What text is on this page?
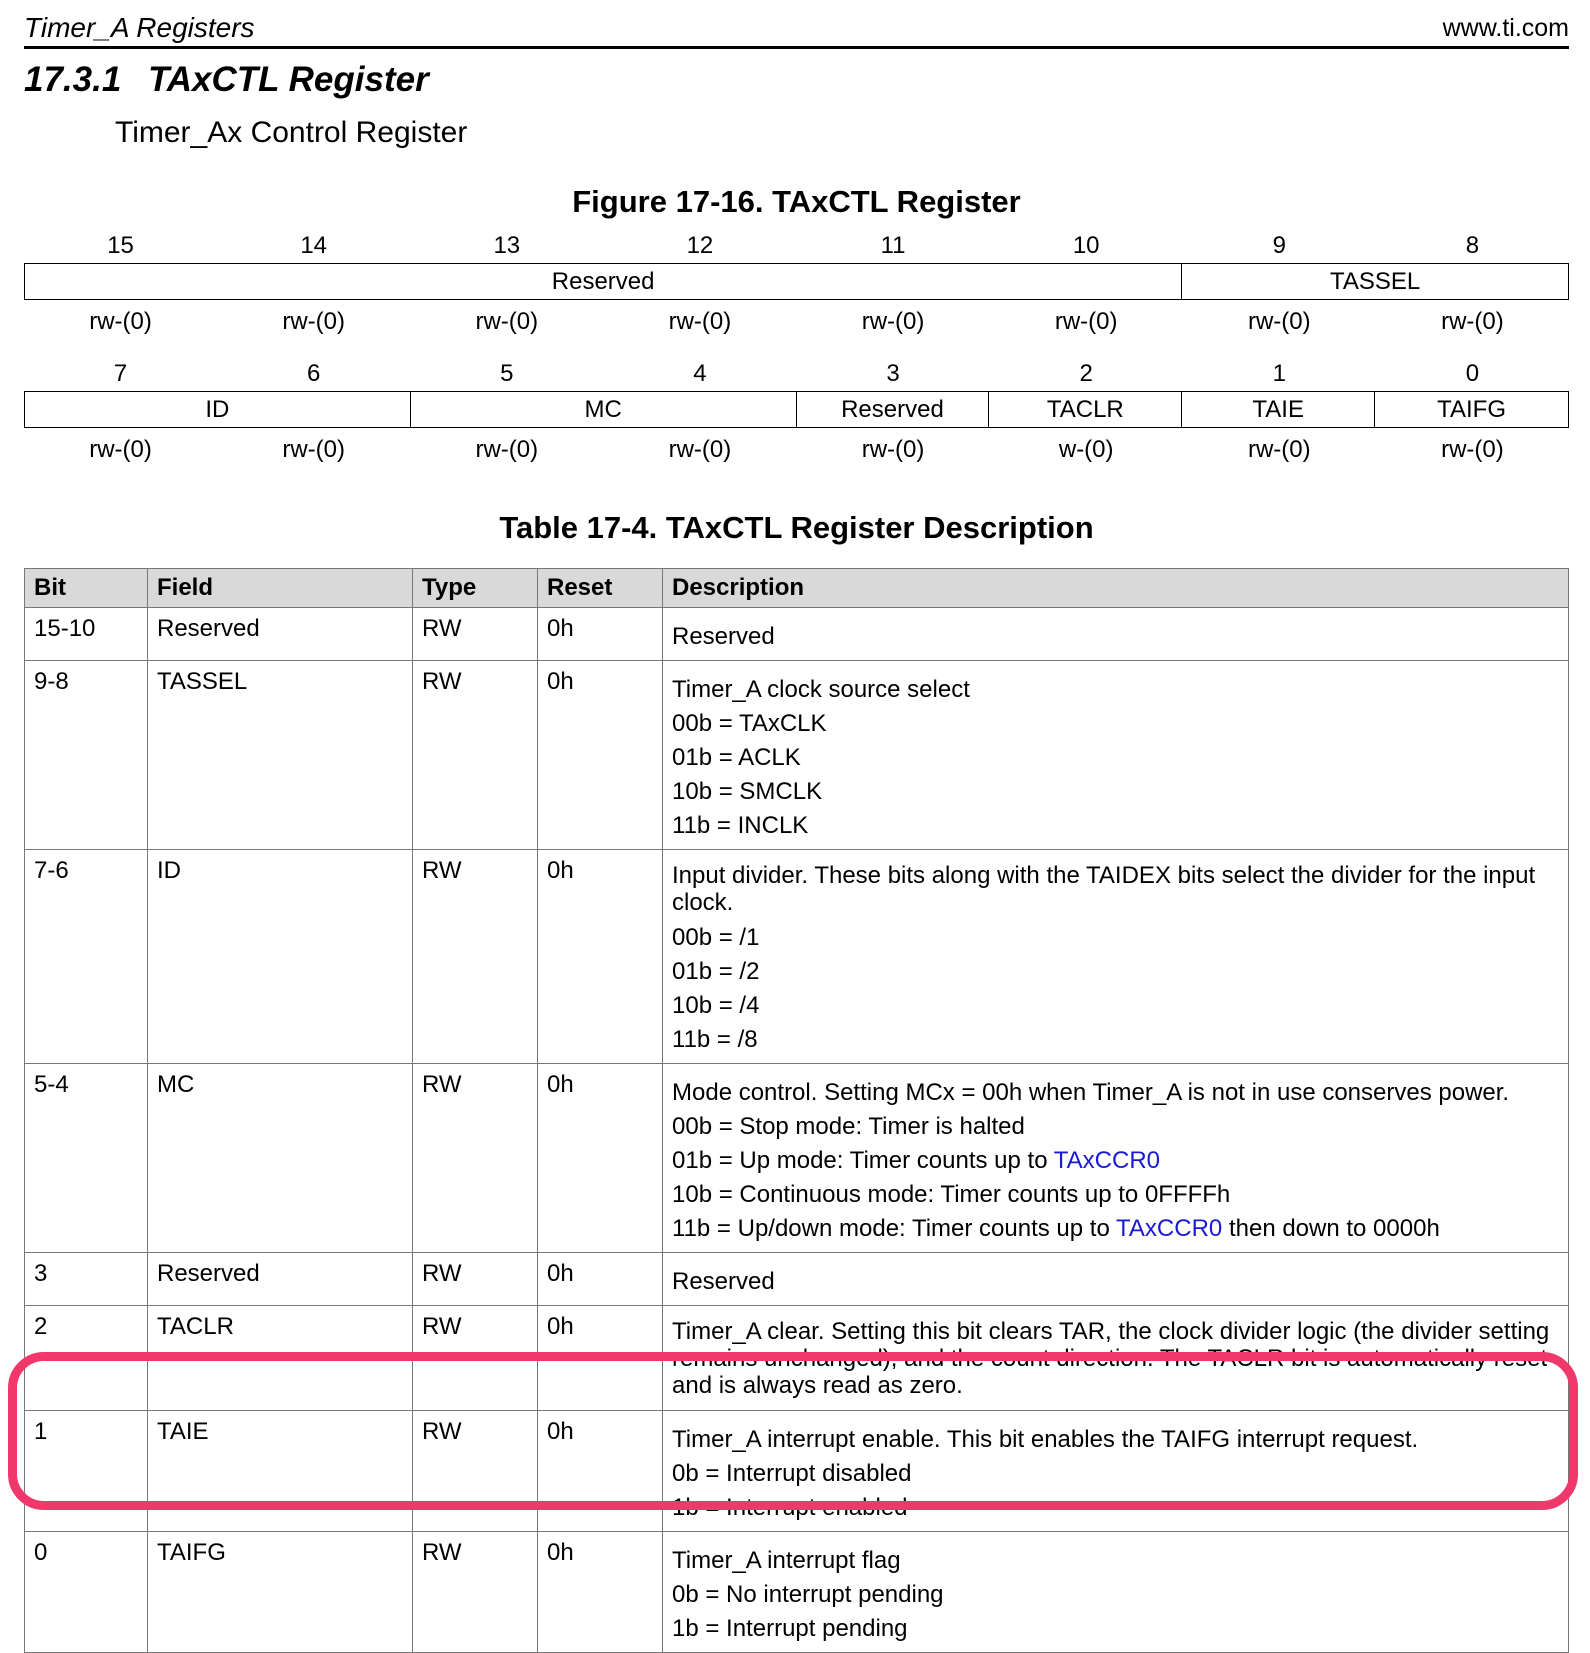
Timer_A Registers	www.ti.com
17.3.1 TAxCTL Register
Timer_Ax Control Register
Figure 17-16. TAxCTL Register
15	14	13	12	11	10	9	8
Reserved	TASSEL
rw-(0)	rw-(0)	rw-(0)	rw-(0)	rw-(0)	rw-(0)	rw-(0)	rw-(0)
7	6	5	4	3	2	1	0
ID	MC	Reserved	TACLR	TAIE	TAIFG
rw-(0)	rw-(0)	rw-(0)	rw-(0)	rw-(0)	w-(0)	rw-(0)	rw-(0)
Table 17-4. TAxCTL Register Description
Bit	Field	Type	Reset	Description
15-10	Reserved	RW	0h	Reserved

9-8	TASSEL	RW	0h	Timer_A clock source select
00b = TAxCLK
01b = ACLK
10b = SMCLK
11b = INCLK

7-6	ID	RW	0h	Input divider. These bits along with the TAIDEX bits select the divider for the input clock.
00b = /1
01b = /2
10b = /4
11b = /8

5-4	MC	RW	0h	Mode control. Setting MCx = 00h when Timer_A is not in use conserves power.
00b = Stop mode: Timer is halted
01b = Up mode: Timer counts up to TAxCCR0
10b = Continuous mode: Timer counts up to 0FFFFh
11b = Up/down mode: Timer counts up to TAxCCR0 then down to 0000h

3	Reserved	RW	0h	Reserved

2	TACLR	RW	0h	Timer_A clear. Setting this bit clears TAR, the clock divider logic (the divider setting remains unchanged), and the count direction. The TACLR bit is automatically reset and is always read as zero.

1	TAIE	RW	0h	Timer_A interrupt enable. This bit enables the TAIFG interrupt request.
0b = Interrupt disabled
1b = Interrupt enabled

0	TAIFG	RW	0h	Timer_A interrupt flag
0b = No interrupt pending
1b = Interrupt pending
